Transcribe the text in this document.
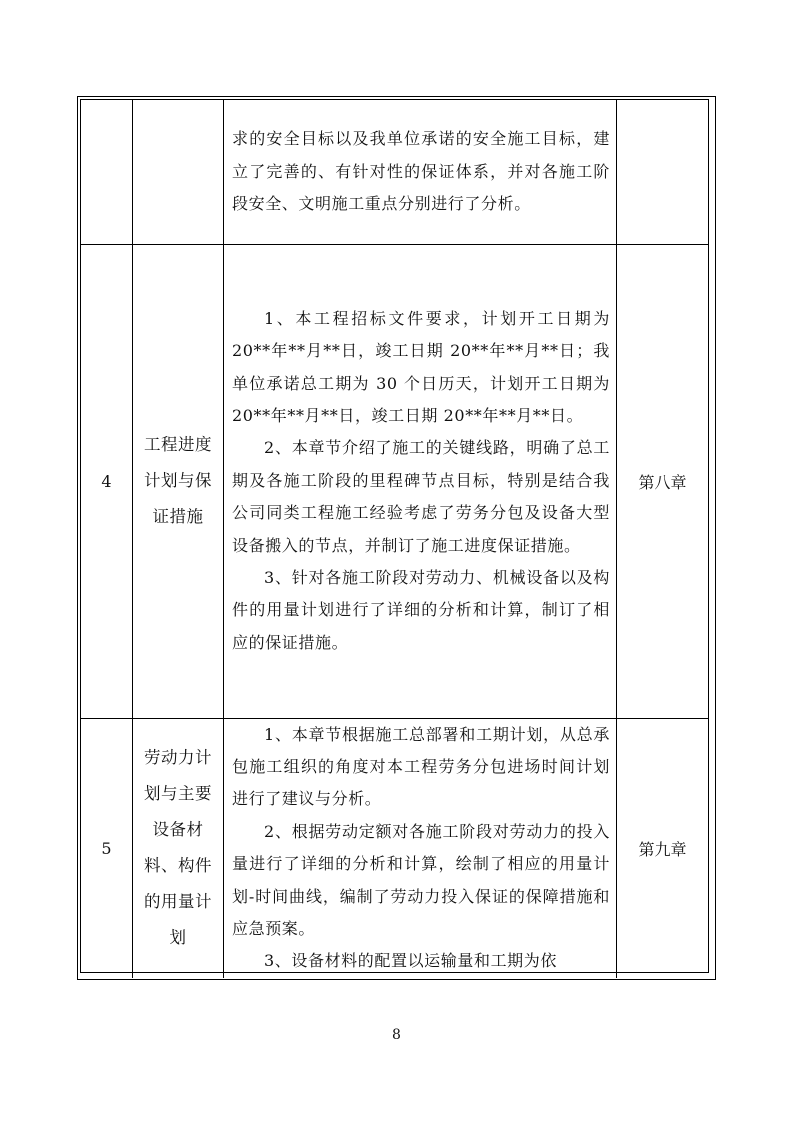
		求的安全目标以及我单位承诺的安全施工目标，建立了完善的、有针对性的保证体系，并对各施工阶段安全、文明施工重点分别进行了分析。	

4	工程进度计划与保证措施	1、本工程招标文件要求，计划开工日期为20**年**月**日，竣工日期 20**年**月**日；我单位承诺总工期为 30 个日历天，计划开工日期为 20**年**月**日，竣工日期 20**年**月**日。

2、本章节介绍了施工的关键线路，明确了总工期及各施工阶段的里程碑节点目标，特别是结合我公司同类工程施工经验考虑了劳务分包及设备大型设备搬入的节点，并制订了施工进度保证措施。

3、针对各施工阶段对劳动力、机械设备以及构件的用量计划进行了详细的分析和计算，制订了相应的保证措施。	第八章
5	劳动力计划与主要设备材料、构件的用量计划	1、本章节根据施工总部署和工期计划，从总承包施工组织的角度对本工程劳务分包进场时间计划进行了建议与分析。

2、根据劳动定额对各施工阶段对劳动力的投入量进行了详细的分析和计算，绘制了相应的用量计划-时间曲线，编制了劳动力投入保证的保障措施和应急预案。

3、设备材料的配置以运输量和工期为依	第九章
8
